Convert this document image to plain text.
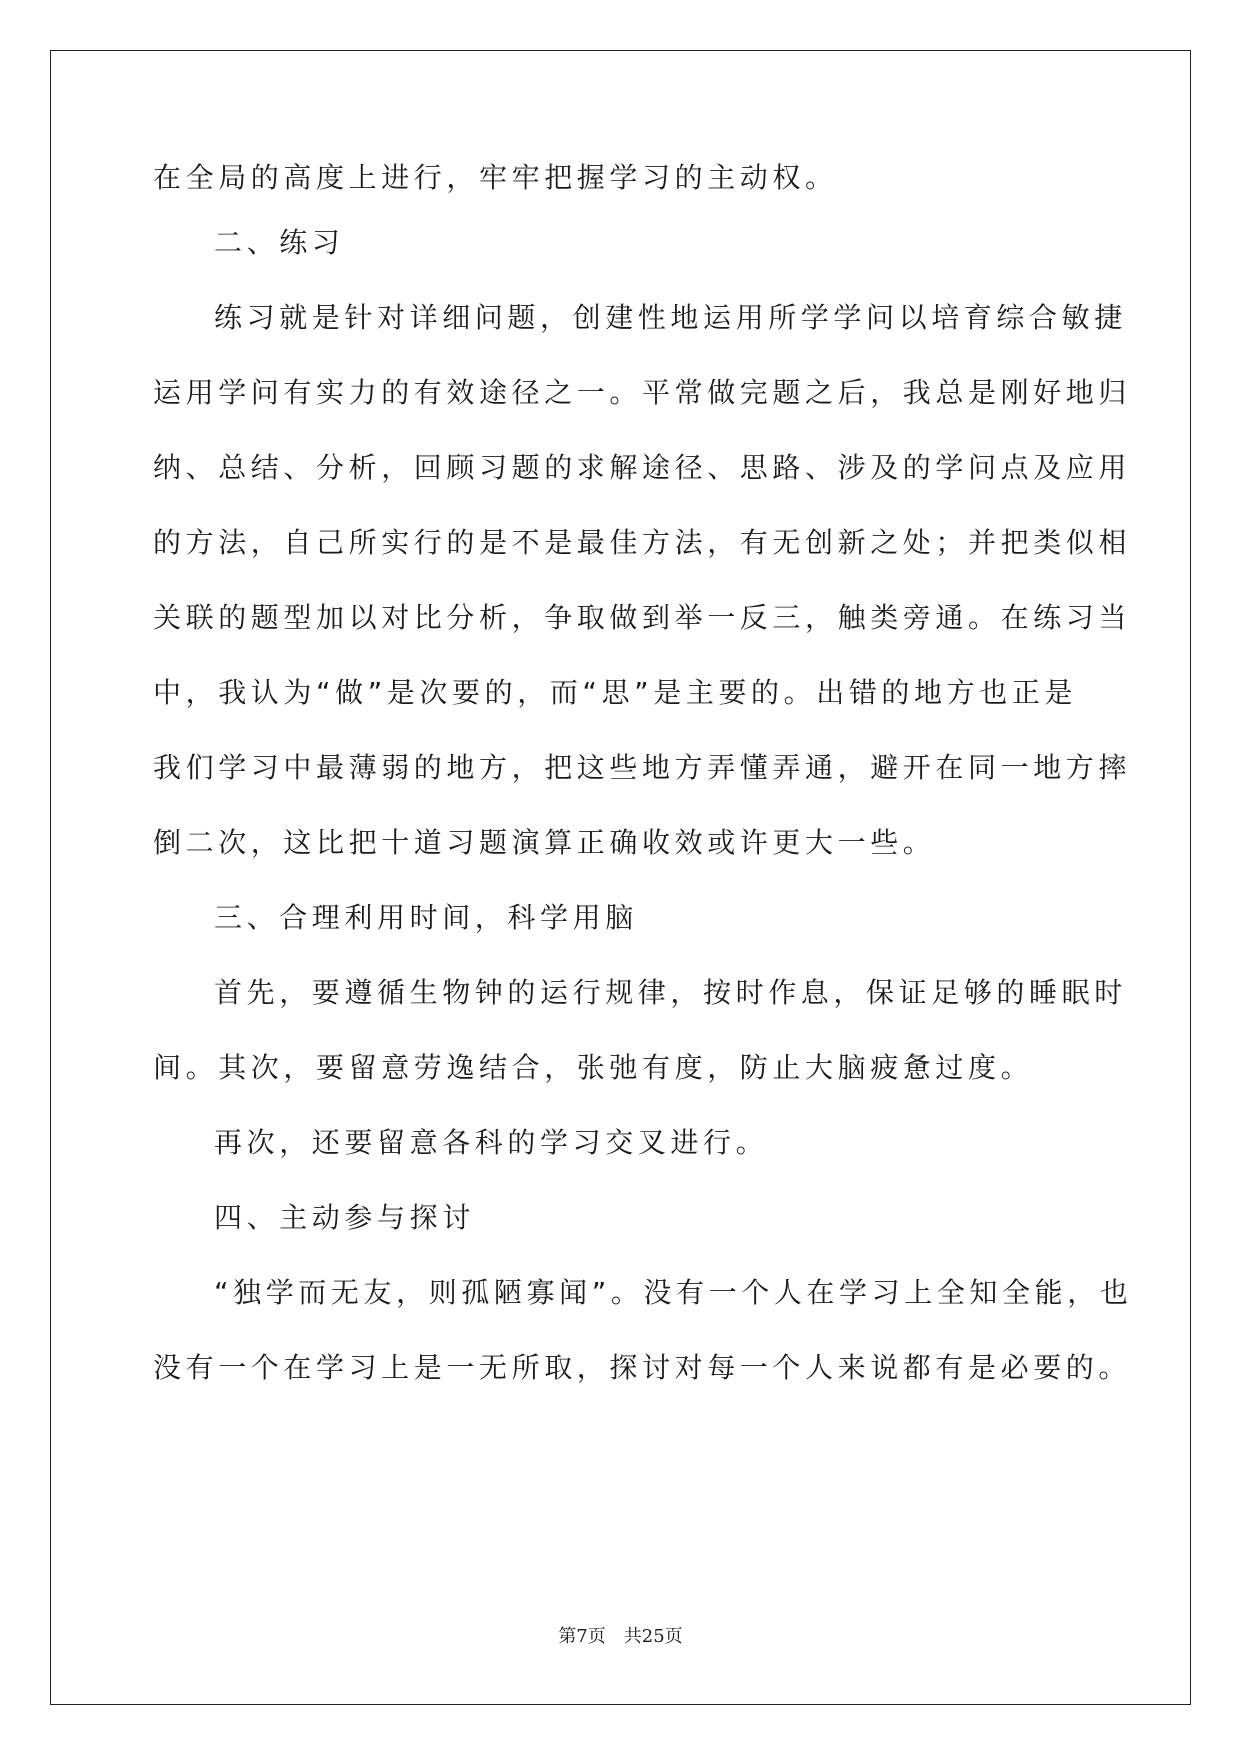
在全局的高度上进行，牢牢把握学习的主动权。
二、练习
练习就是针对详细问题，创建性地运用所学学问以培育综合敏捷
运用学问有实力的有效途径之一。平常做完题之后，我总是刚好地归
纳、总结、分析，回顾习题的求解途径、思路、涉及的学问点及应用
的方法，自己所实行的是不是最佳方法，有无创新之处；并把类似相
关联的题型加以对比分析，争取做到举一反三，触类旁通。在练习当
中，我认为“做”是次要的，而“思”是主要的。出错的地方也正是
我们学习中最薄弱的地方，把这些地方弄懂弄通，避开在同一地方摔
倒二次，这比把十道习题演算正确收效或许更大一些。
三、合理利用时间，科学用脑
首先，要遵循生物钟的运行规律，按时作息，保证足够的睡眠时
间。其次，要留意劳逸结合，张弛有度，防止大脑疲惫过度。
再次，还要留意各科的学习交叉进行。
四、主动参与探讨
“独学而无友，则孤陋寡闻”。没有一个人在学习上全知全能，也
没有一个在学习上是一无所取，探讨对每一个人来说都有是必要的。
第7页　共25页
